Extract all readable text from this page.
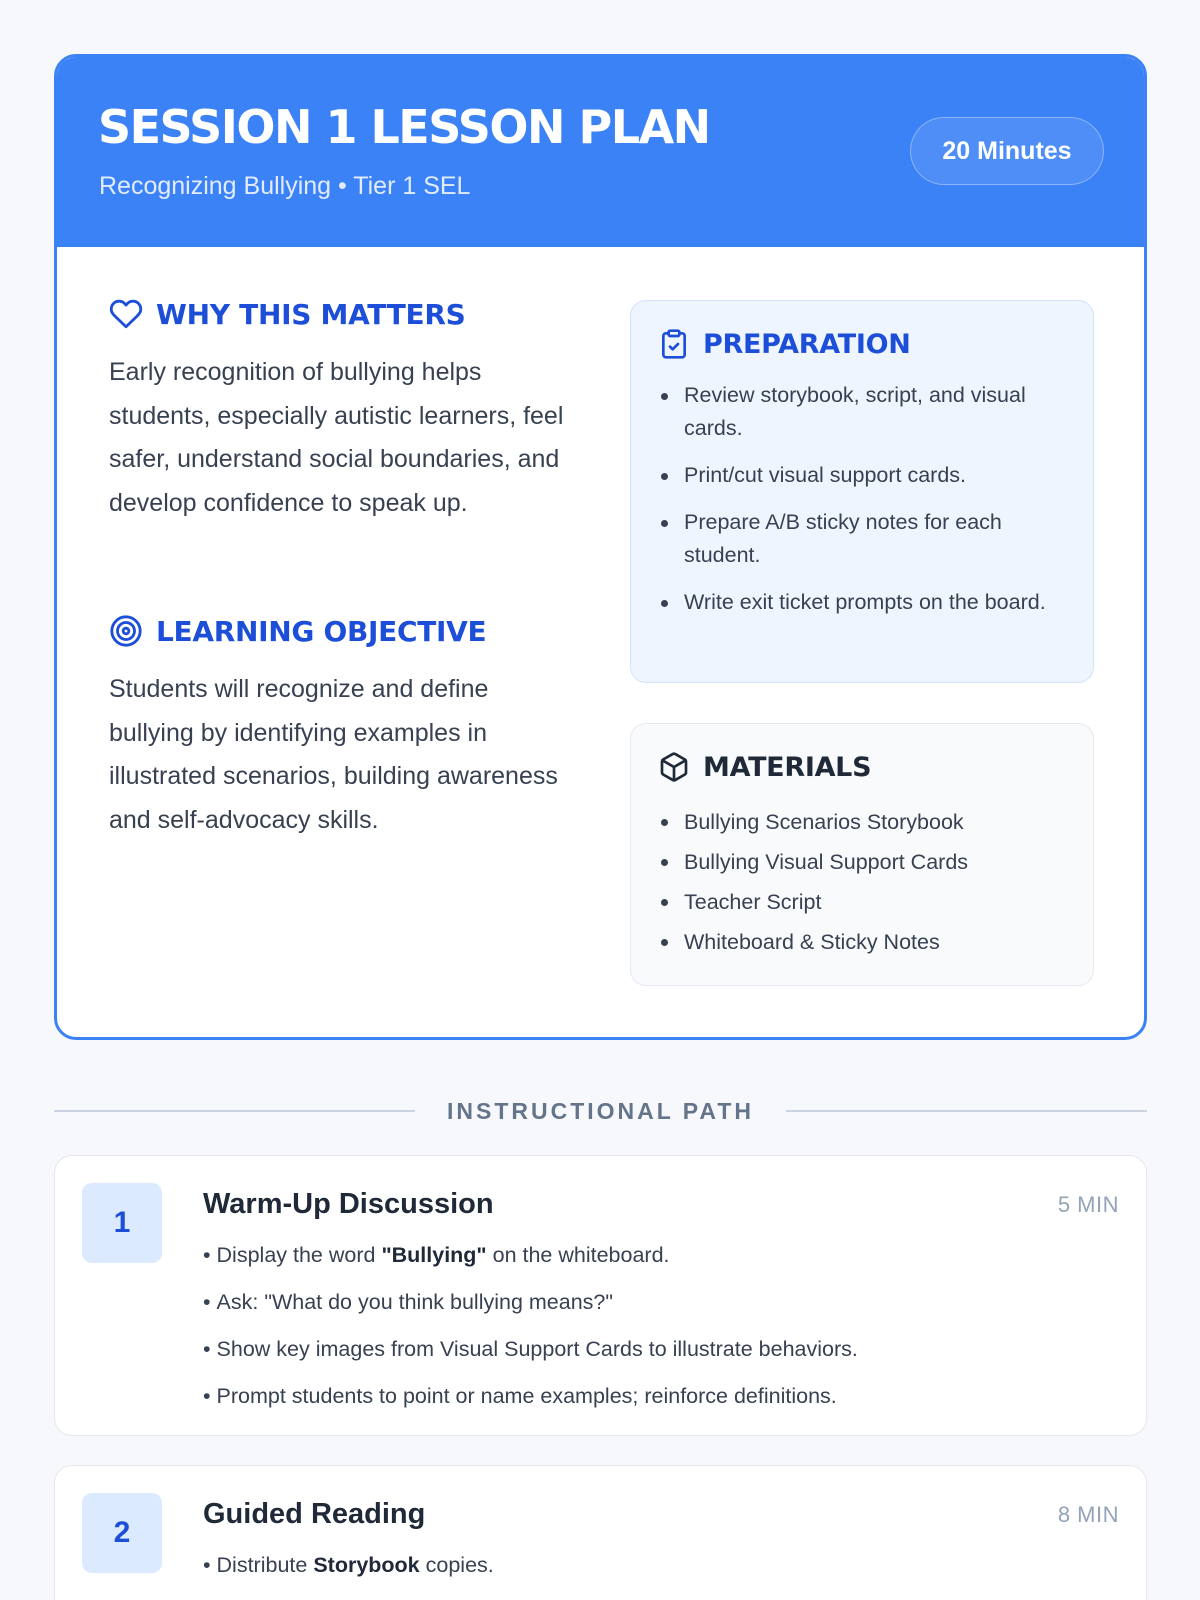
SESSION 1 LESSON PLAN
Recognizing Bullying • Tier 1 SEL
20 Minutes
WHY THIS MATTERS
Early recognition of bullying helps students, especially autistic learners, feel safer, understand social boundaries, and develop confidence to speak up.
LEARNING OBJECTIVE
Students will recognize and define bullying by identifying examples in illustrated scenarios, building awareness and self-advocacy skills.
PREPARATION
Review storybook, script, and visual cards.
Print/cut visual support cards.
Prepare A/B sticky notes for each student.
Write exit ticket prompts on the board.
MATERIALS
Bullying Scenarios Storybook
Bullying Visual Support Cards
Teacher Script
Whiteboard & Sticky Notes
INSTRUCTIONAL PATH
1
Warm-Up Discussion	5 MIN
• Display the word "Bullying" on the whiteboard.
• Ask: "What do you think bullying means?"
• Show key images from Visual Support Cards to illustrate behaviors.
• Prompt students to point or name examples; reinforce definitions.
2
Guided Reading	8 MIN
• Distribute Storybook copies.
